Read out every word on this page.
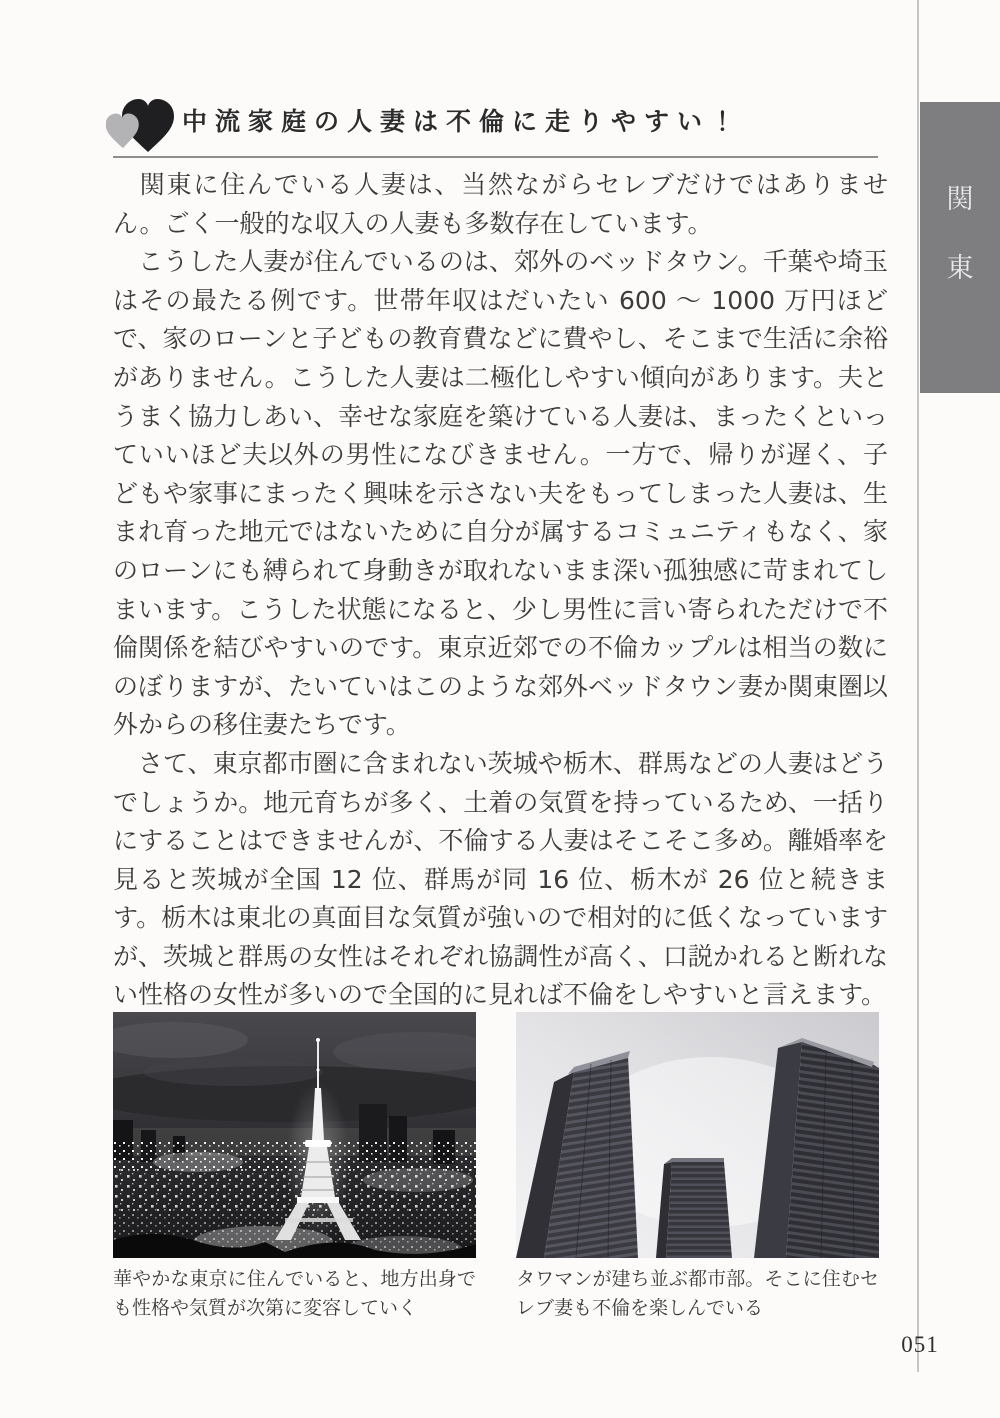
関
東
中流家庭の人妻は不倫に走りやすい！

　関東に住んでいる人妻は、当然ながらセレブだけではありません。ごく一般的な収入の人妻も多数存在しています。

　こうした人妻が住んでいるのは、郊外のベッドタウン。千葉や埼玉はその最たる例です。世帯年収はだいたい 600 ～ 1000 万円ほどで、家のローンと子どもの教育費などに費やし、そこまで生活に余裕がありません。こうした人妻は二極化しやすい傾向があります。夫とうまく協力しあい、幸せな家庭を築けている人妻は、まったくといっていいほど夫以外の男性になびきません。一方で、帰りが遅く、子どもや家事にまったく興味を示さない夫をもってしまった人妻は、生まれ育った地元ではないために自分が属するコミュニティもなく、家のローンにも縛られて身動きが取れないまま深い孤独感に苛まれてしまいます。こうした状態になると、少し男性に言い寄られただけで不倫関係を結びやすいのです。東京近郊での不倫カップルは相当の数にのぼりますが、たいていはこのような郊外ベッドタウン妻か関東圏以外からの移住妻たちです。

　さて、東京都市圏に含まれない茨城や栃木、群馬などの人妻はどうでしょうか。地元育ちが多く、土着の気質を持っているため、一括りにすることはできませんが、不倫する人妻はそこそこ多め。離婚率を見ると茨城が全国 12 位、群馬が同 16 位、栃木が 26 位と続きます。栃木は東北の真面目な気質が強いので相対的に低くなっていますが、茨城と群馬の女性はそれぞれ協調性が高く、口説かれると断れない性格の女性が多いので全国的に見れば不倫をしやすいと言えます。

華やかな東京に住んでいると、地方出身でも性格や気質が次第に変容していく
タワマンが建ち並ぶ都市部。そこに住むセレブ妻も不倫を楽しんでいる
051
